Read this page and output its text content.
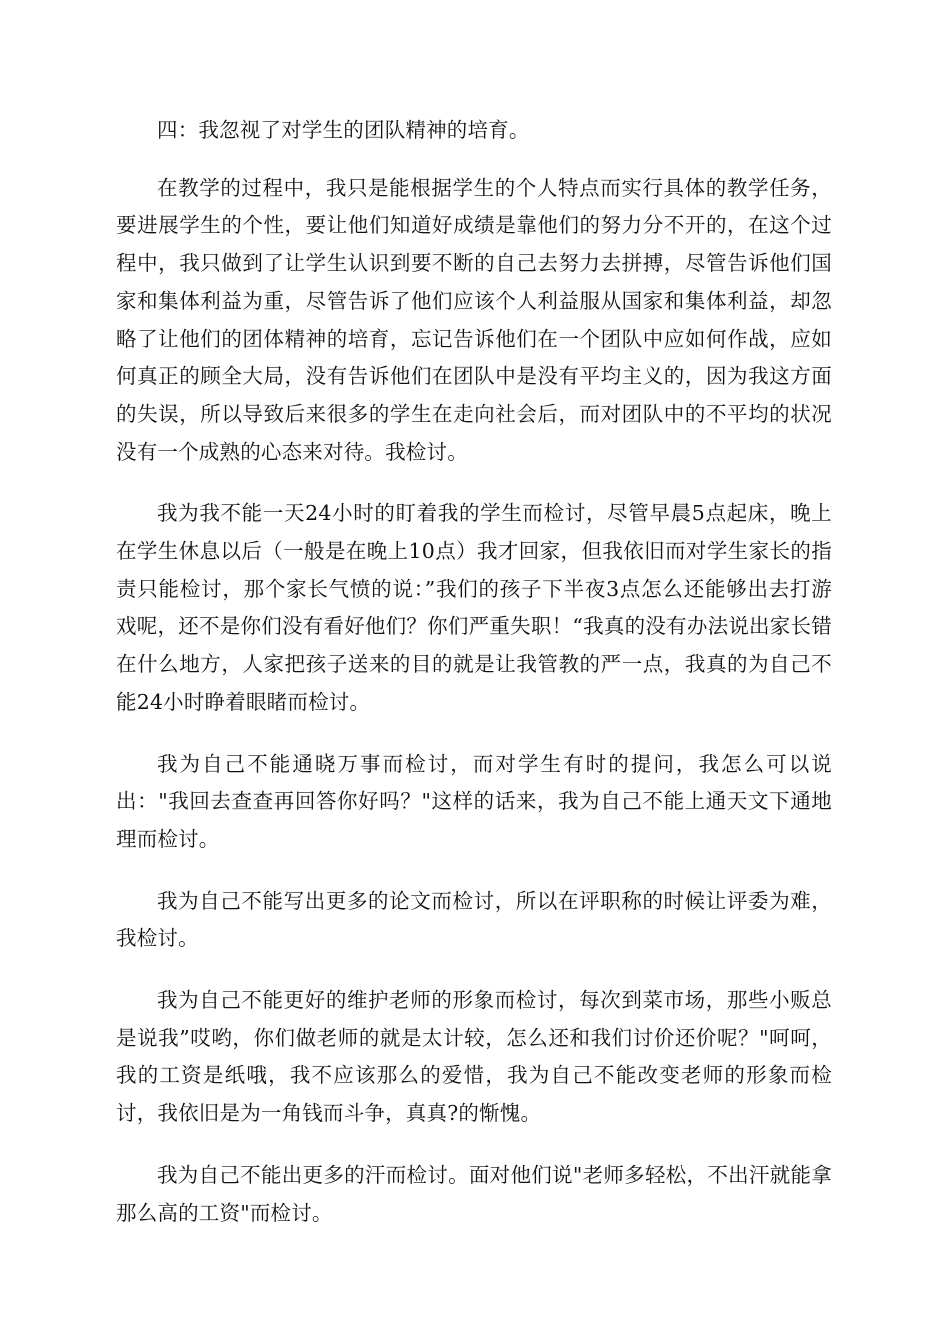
四：我忽视了对学生的团队精神的培育。

在教学的过程中，我只是能根据学生的个人特点而实行具体的教学任务，要进展学生的个性，要让他们知道好成绩是靠他们的努力分不开的，在这个过程中，我只做到了让学生认识到要不断的自己去努力去拼搏，尽管告诉他们国家和集体利益为重，尽管告诉了他们应该个人利益服从国家和集体利益，却忽略了让他们的团体精神的培育，忘记告诉他们在一个团队中应如何作战，应如何真正的顾全大局，没有告诉他们在团队中是没有平均主义的，因为我这方面的失误，所以导致后来很多的学生在走向社会后，而对团队中的不平均的状况没有一个成熟的心态来对待。我检讨。

我为我不能一天24小时的盯着我的学生而检讨，尽管早晨5点起床，晚上在学生休息以后（一般是在晚上10点）我才回家，但我依旧而对学生家长的指责只能检讨，那个家长气愤的说：”我们的孩子下半夜3点怎么还能够出去打游戏呢，还不是你们没有看好他们？你们严重失职！“我真的没有办法说出家长错在什么地方，人家把孩子送来的目的就是让我管教的严一点，我真的为自己不能24小时睁着眼睹而检讨。

我为自己不能通晓万事而检讨，而对学生有时的提问，我怎么可以说出："我回去查查再回答你好吗？"这样的话来，我为自己不能上通天文下通地理而检讨。

我为自己不能写出更多的论文而检讨，所以在评职称的时候让评委为难，我检讨。

我为自己不能更好的维护老师的形象而检讨，每次到菜市场，那些小贩总是说我”哎哟，你们做老师的就是太计较，怎么还和我们讨价还价呢？"呵呵，我的工资是纸哦，我不应该那么的爱惜，我为自己不能改变老师的形象而检讨，我依旧是为一角钱而斗争，真真?的惭愧。

我为自己不能出更多的汗而检讨。面对他们说"老师多轻松，不出汗就能拿那么高的工资"而检讨。
